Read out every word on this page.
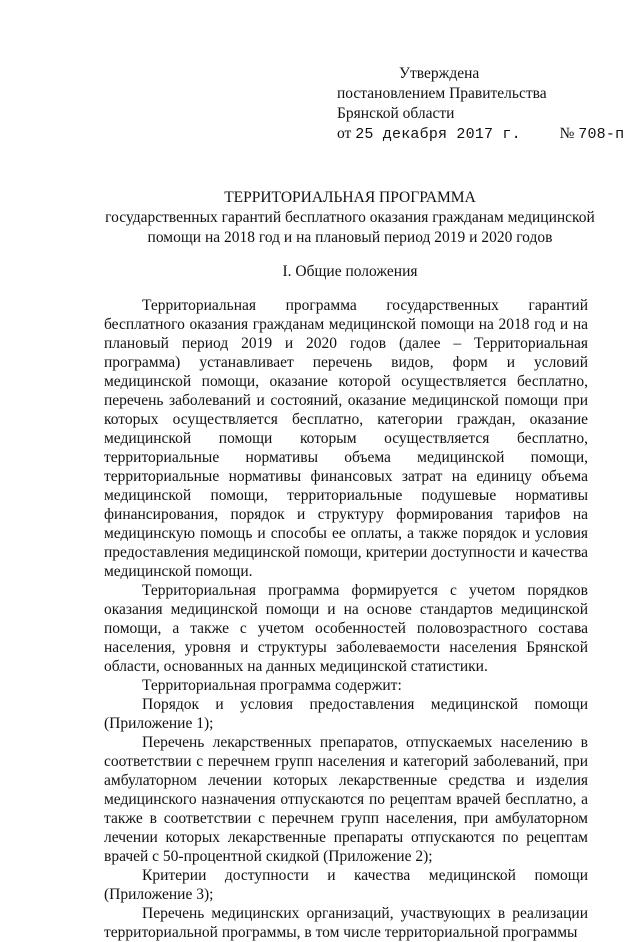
Утверждена
постановлением Правительства
Брянской области
от 25 декабря 2017 г.	№ 708-п
ТЕРРИТОРИАЛЬНАЯ ПРОГРАММА
государственных гарантий бесплатного оказания гражданам медицинской
помощи на 2018 год и на плановый период 2019 и 2020 годов
I. Общие положения

Территориальная программа государственных гарантий бесплатного оказания гражданам медицинской помощи на 2018 год и на плановый период 2019 и 2020 годов (далее – Территориальная программа) устанавливает перечень видов, форм и условий медицинской помощи, оказание которой осуществляется бесплатно, перечень заболеваний и состояний, оказание медицинской помощи при которых осуществляется бесплатно, категории граждан, оказание медицинской помощи которым осуществляется бесплатно, территориальные нормативы объема медицинской помощи, территориальные нормативы финансовых затрат на единицу объема медицинской помощи, территориальные подушевые нормативы финансирования, порядок и структуру формирования тарифов на медицинскую помощь и способы ее оплаты, а также порядок и условия предоставления медицинской помощи, критерии доступности и качества медицинской помощи.

Территориальная программа формируется с учетом порядков оказания медицинской помощи и на основе стандартов медицинской помощи, а также с учетом особенностей половозрастного состава населения, уровня и структуры заболеваемости населения Брянской области, основанных на данных медицинской статистики.

Территориальная программа содержит:

Порядок и условия предоставления медицинской помощи (Приложение 1);

Перечень лекарственных препаратов, отпускаемых населению в соответствии с перечнем групп населения и категорий заболеваний, при амбулаторном лечении которых лекарственные средства и изделия медицинского назначения отпускаются по рецептам врачей бесплатно, а также в соответствии с перечнем групп населения, при амбулаторном лечении которых лекарственные препараты отпускаются по рецептам врачей с 50-процентной скидкой (Приложение 2);

Критерии доступности и качества медицинской помощи (Приложение 3);

Перечень медицинских организаций, участвующих в реализации территориальной программы, в том числе территориальной программы
